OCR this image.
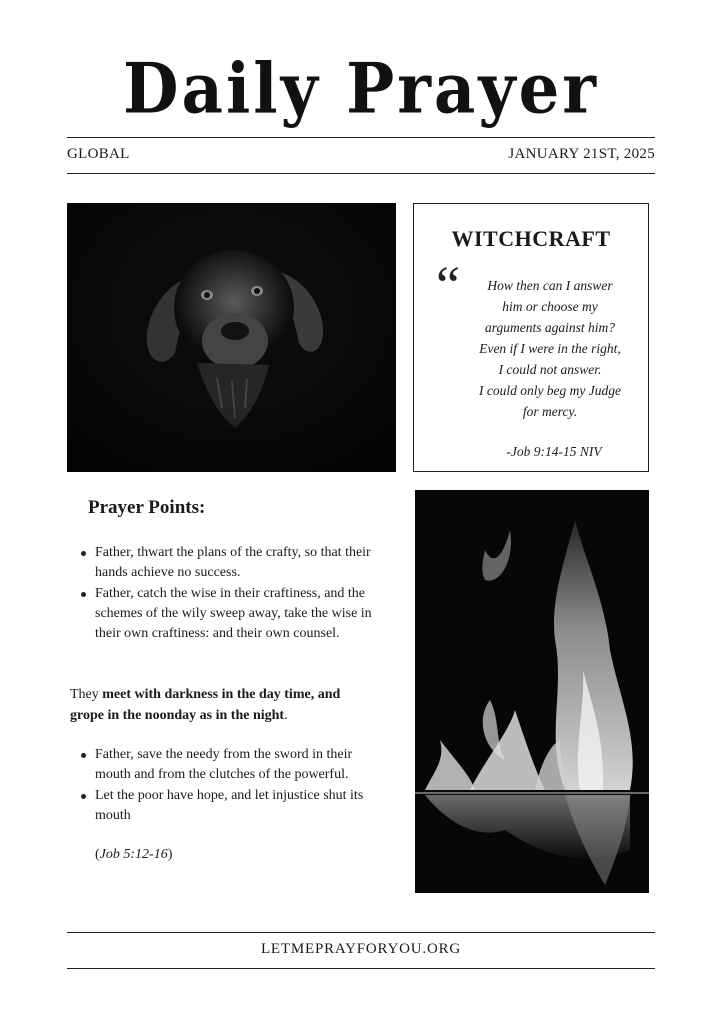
Daily Prayer
GLOBAL	JANUARY 21ST, 2025
WITCHCRAFT
“	How then can I answer
him or choose my
arguments against him?
Even if I were in the right,
I could not answer.
I could only beg my Judge
for mercy.
-Job 9:14-15 NIV
Prayer Points:
Father, thwart the plans of the crafty, so that their hands achieve no success.
Father, catch the wise in their craftiness, and the schemes of the wily sweep away, take the wise in their own craftiness: and their own counsel.
They meet with darkness in the day time, and grope in the noonday as in the night.
Father, save the needy from the sword in their mouth and from the clutches of the powerful.
Let the poor have hope, and let injustice shut its mouth
(Job 5:12-16)
LETMEPRAYFORYOU.ORG
